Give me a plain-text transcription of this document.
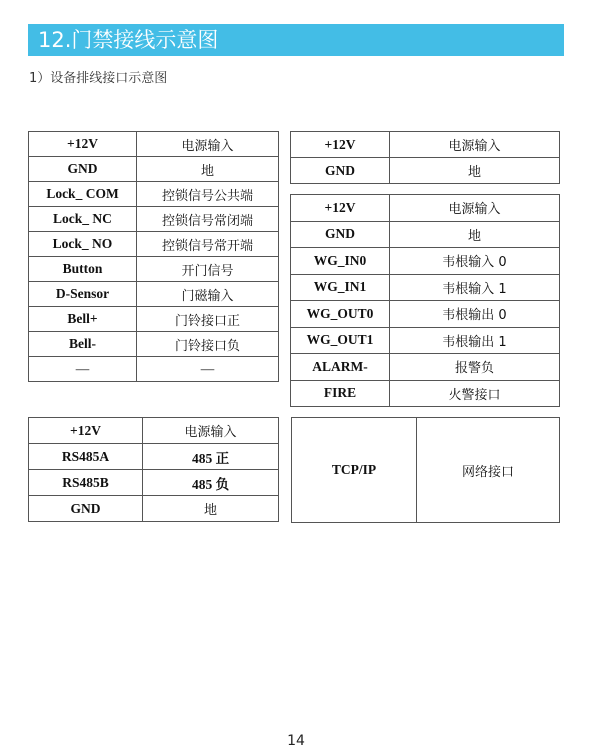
12.门禁接线示意图
1）设备排线接口示意图
+12V	电源输入
GND	地
Lock_ COM	控锁信号公共端
Lock_ NC	控锁信号常闭端
Lock_ NO	控锁信号常开端
Button	开门信号
D-Sensor	门磁输入
Bell+	门铃接口正
Bell-	门铃接口负
—	—
+12V	电源输入
GND	地
+12V	电源输入
GND	地
WG_IN0	韦根输入 0
WG_IN1	韦根输入 1
WG_OUT0	韦根输出 0
WG_OUT1	韦根输出 1
ALARM-	报警负
FIRE	火警接口
+12V	电源输入
RS485A	485 正
RS485B	485 负
GND	地
TCP/IP	网络接口
14
